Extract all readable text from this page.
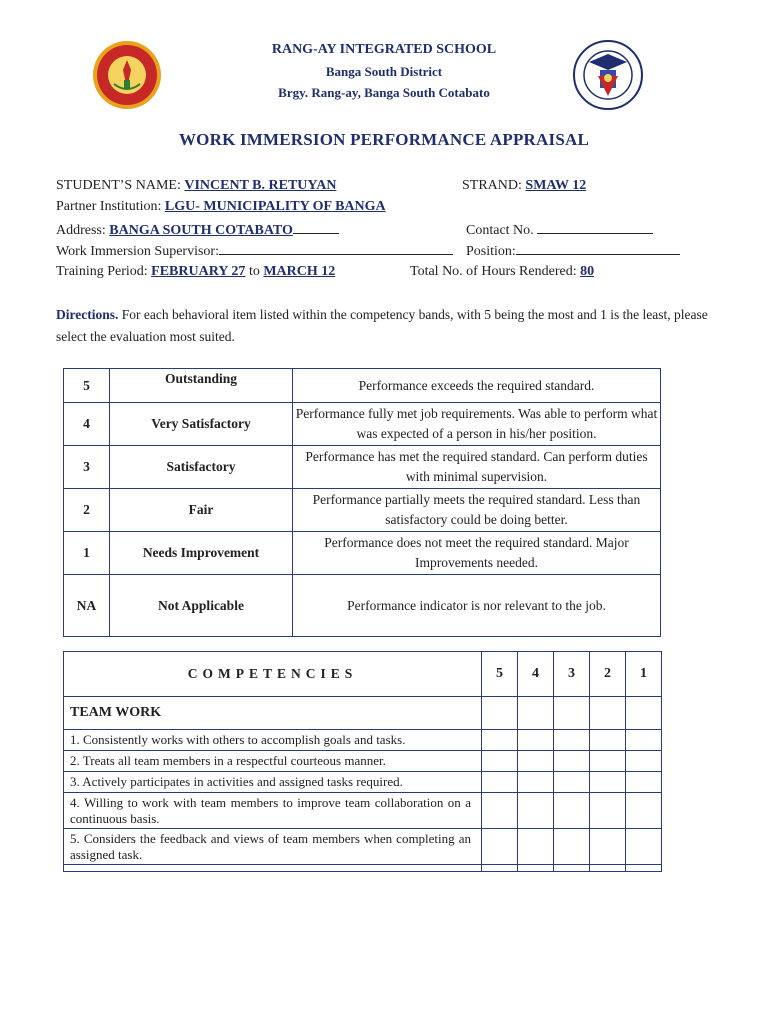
RANG-AY INTEGRATED SCHOOL
Banga South District
Brgy. Rang-ay, Banga South Cotabato
WORK IMMERSION PERFORMANCE APPRAISAL
STUDENT’S NAME: VINCENT B. RETUYAN	STRAND: SMAW 12
Partner Institution: LGU- MUNICIPALITY OF BANGA
Address: BANGA SOUTH COTABATO	Contact No.
Work Immersion Supervisor:	Position:
Training Period: FEBRUARY 27 to MARCH 12	Total No. of Hours Rendered: 80
Directions. For each behavioral item listed within the competency bands, with 5 being the most and 1 is the least, please select the evaluation most suited.
5	Outstanding	Performance exceeds the required standard.
4	Very Satisfactory	Performance fully met job requirements. Was able to perform what was expected of a person in his/her position.
3	Satisfactory	Performance has met the required standard. Can perform duties with minimal supervision.
2	Fair	Performance partially meets the required standard. Less than satisfactory could be doing better.
1	Needs Improvement	Performance does not meet the required standard. Major Improvements needed.
NA	Not Applicable	Performance indicator is nor relevant to the job.
COMPETENCIES	5	4	3	2	1
TEAM WORK					
1. Consistently works with others to accomplish goals and tasks.					
2. Treats all team members in a respectful courteous manner.					
3. Actively participates in activities and assigned tasks required.					
4. Willing to work with team members to improve team collaboration on a continuous basis.					
5. Considers the feedback and views of team members when completing an assigned task.					
